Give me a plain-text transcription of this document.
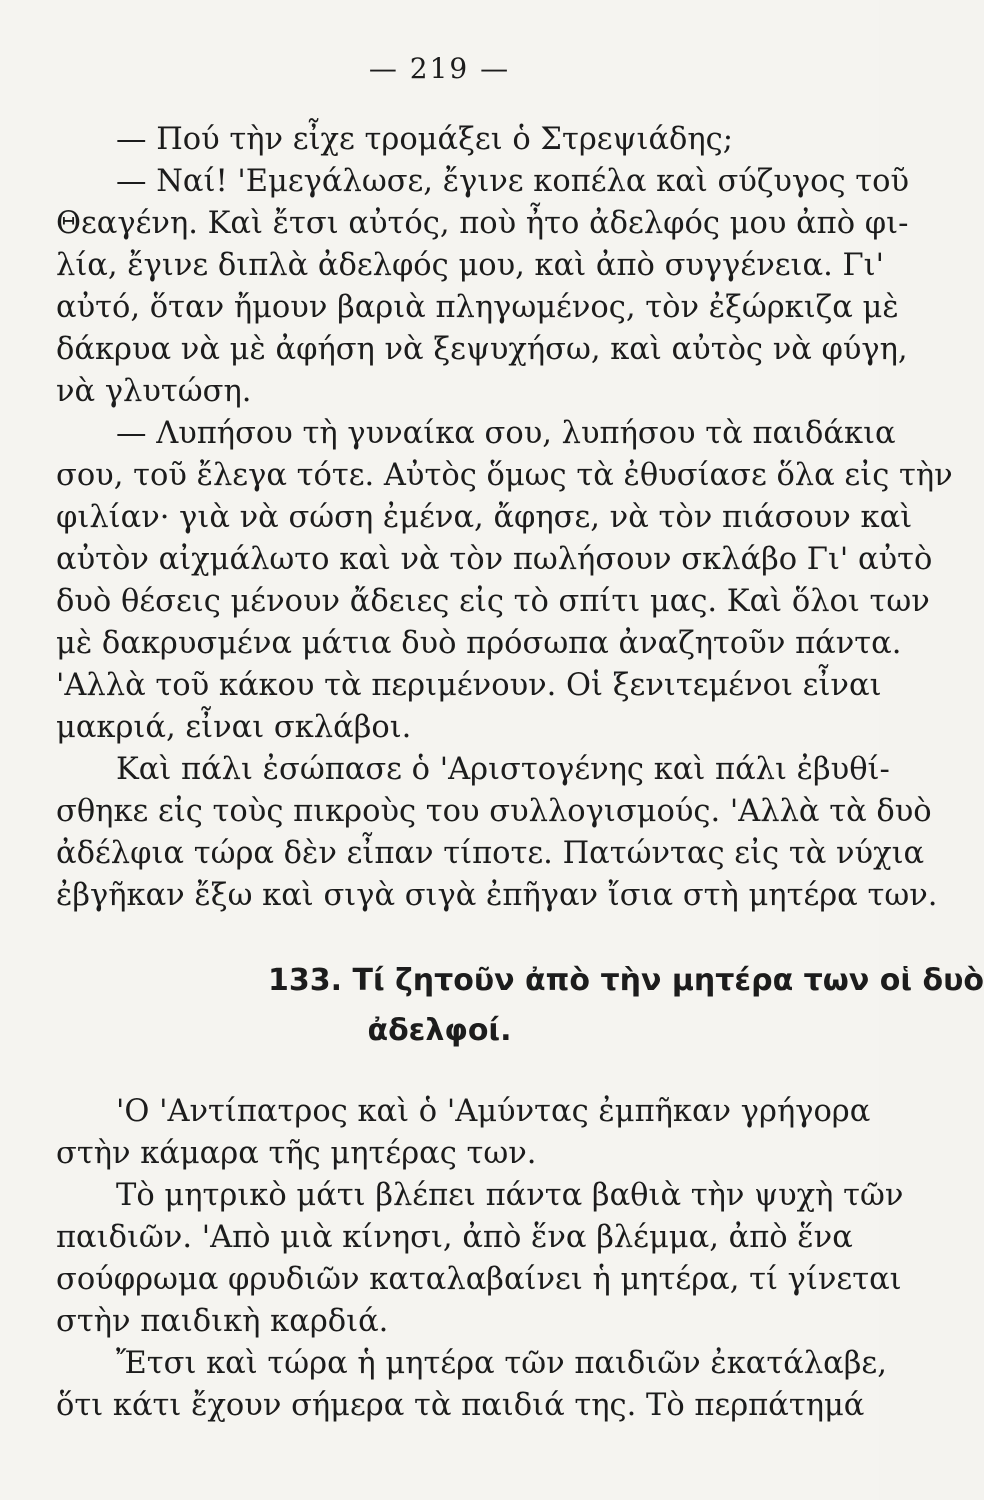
— 219 —
— Πού τὴν εἶχε τρομάξει ὁ Στρεψιάδης;
— Ναί! 'Εμεγάλωσε, ἔγινε κοπέλα καὶ σύζυγος τοῦ
Θεαγένη. Καὶ ἔτσι αὐτός, ποὺ ἦτο ἀδελφός μου ἀπὸ φι-
λία, ἔγινε διπλὰ ἀδελφός μου, καὶ ἀπὸ συγγένεια. Γι'
αὐτό, ὅταν ἤμουν βαριὰ πληγωμένος, τὸν ἐξώρκιζα μὲ
δάκρυα νὰ μὲ ἀφήση νὰ ξεψυχήσω, καὶ αὐτὸς νὰ φύγη,
νὰ γλυτώση.
— Λυπήσου τὴ γυναίκα σου, λυπήσου τὰ παιδάκια
σου, τοῦ ἔλεγα τότε. Αὐτὸς ὅμως τὰ ἐθυσίασε ὅλα εἰς τὴν
φιλίαν· γιὰ νὰ σώση ἐμένα, ἄφησε, νὰ τὸν πιάσουν καὶ
αὐτὸν αἰχμάλωτο καὶ νὰ τὸν πωλήσουν σκλάβο Γι' αὐτὸ
δυὸ θέσεις μένουν ἄδειες εἰς τὸ σπίτι μας. Καὶ ὅλοι των
μὲ δακρυσμένα μάτια δυὸ πρόσωπα ἀναζητοῦν πάντα.
'Αλλὰ τοῦ κάκου τὰ περιμένουν. Οἱ ξενιτεμένοι εἶναι
μακριά, εἶναι σκλάβοι.
Καὶ πάλι ἐσώπασε ὁ 'Αριστογένης καὶ πάλι ἐβυθί-
σθηκε εἰς τοὺς πικροὺς του συλλογισμούς. 'Αλλὰ τὰ δυὸ
ἀδέλφια τώρα δὲν εἶπαν τίποτε. Πατώντας εἰς τὰ νύχια
ἐβγῆκαν ἔξω καὶ σιγὰ σιγὰ ἐπῆγαν ἴσια στὴ μητέρα των.
133. Τί ζητοῦν ἀπὸ τὴν μητέρα των οἱ δυὸ
ἀδελφοί.
'Ο 'Αντίπατρος καὶ ὁ 'Αμύντας ἐμπῆκαν γρήγορα
στὴν κάμαρα τῆς μητέρας των.
Τὸ μητρικὸ μάτι βλέπει πάντα βαθιὰ τὴν ψυχὴ τῶν
παιδιῶν. 'Απὸ μιὰ κίνησι, ἀπὸ ἕνα βλέμμα, ἀπὸ ἕνα
σούφρωμα φρυδιῶν καταλαβαίνει ἡ μητέρα, τί γίνεται
στὴν παιδικὴ καρδιά.
Ἔτσι καὶ τώρα ἡ μητέρα τῶν παιδιῶν ἐκατάλαβε,
ὅτι κάτι ἔχουν σήμερα τὰ παιδιά της. Τὸ περπάτημά
